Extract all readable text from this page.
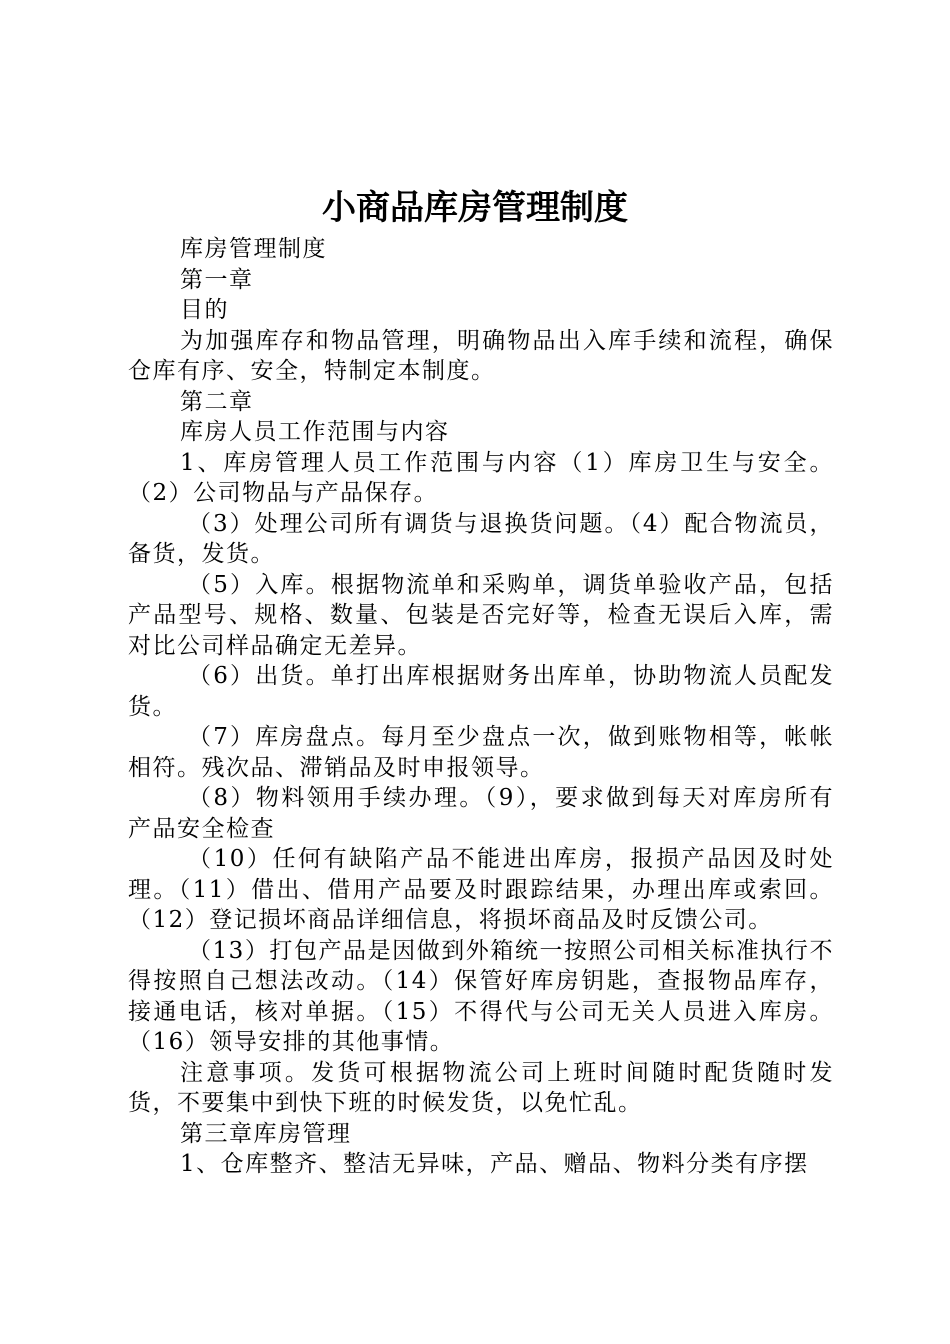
小商品库房管理制度

库房管理制度

第一章

目的

为加强库存和物品管理，明确物品出入库手续和流程，确保仓库有序、安全，特制定本制度。

第二章

库房人员工作范围与内容

1、库房管理人员工作范围与内容（1）库房卫生与安全。（2）公司物品与产品保存。

（3）处理公司所有调货与退换货问题。（4）配合物流员，备货，发货。

（5）入库。根据物流单和采购单，调货单验收产品，包括产品型号、规格、数量、包装是否完好等，检查无误后入库，需对比公司样品确定无差异。

（6）出货。单打出库根据财务出库单，协助物流人员配发货。

（7）库房盘点。每月至少盘点一次，做到账物相等，帐帐相符。残次品、滞销品及时申报领导。

（8）物料领用手续办理。（9），要求做到每天对库房所有产品安全检查

（10）任何有缺陷产品不能进出库房，报损产品因及时处理。（11）借出、借用产品要及时跟踪结果，办理出库或索回。（12）登记损坏商品详细信息，将损坏商品及时反馈公司。

（13）打包产品是因做到外箱统一按照公司相关标准执行不得按照自己想法改动。（14）保管好库房钥匙，查报物品库存，接通电话，核对单据。（15）不得代与公司无关人员进入库房。（16）领导安排的其他事情。

注意事项。发货可根据物流公司上班时间随时配货随时发货，不要集中到快下班的时候发货，以免忙乱。

第三章库房管理

1、仓库整齐、整洁无异味，产品、赠品、物料分类有序摆
